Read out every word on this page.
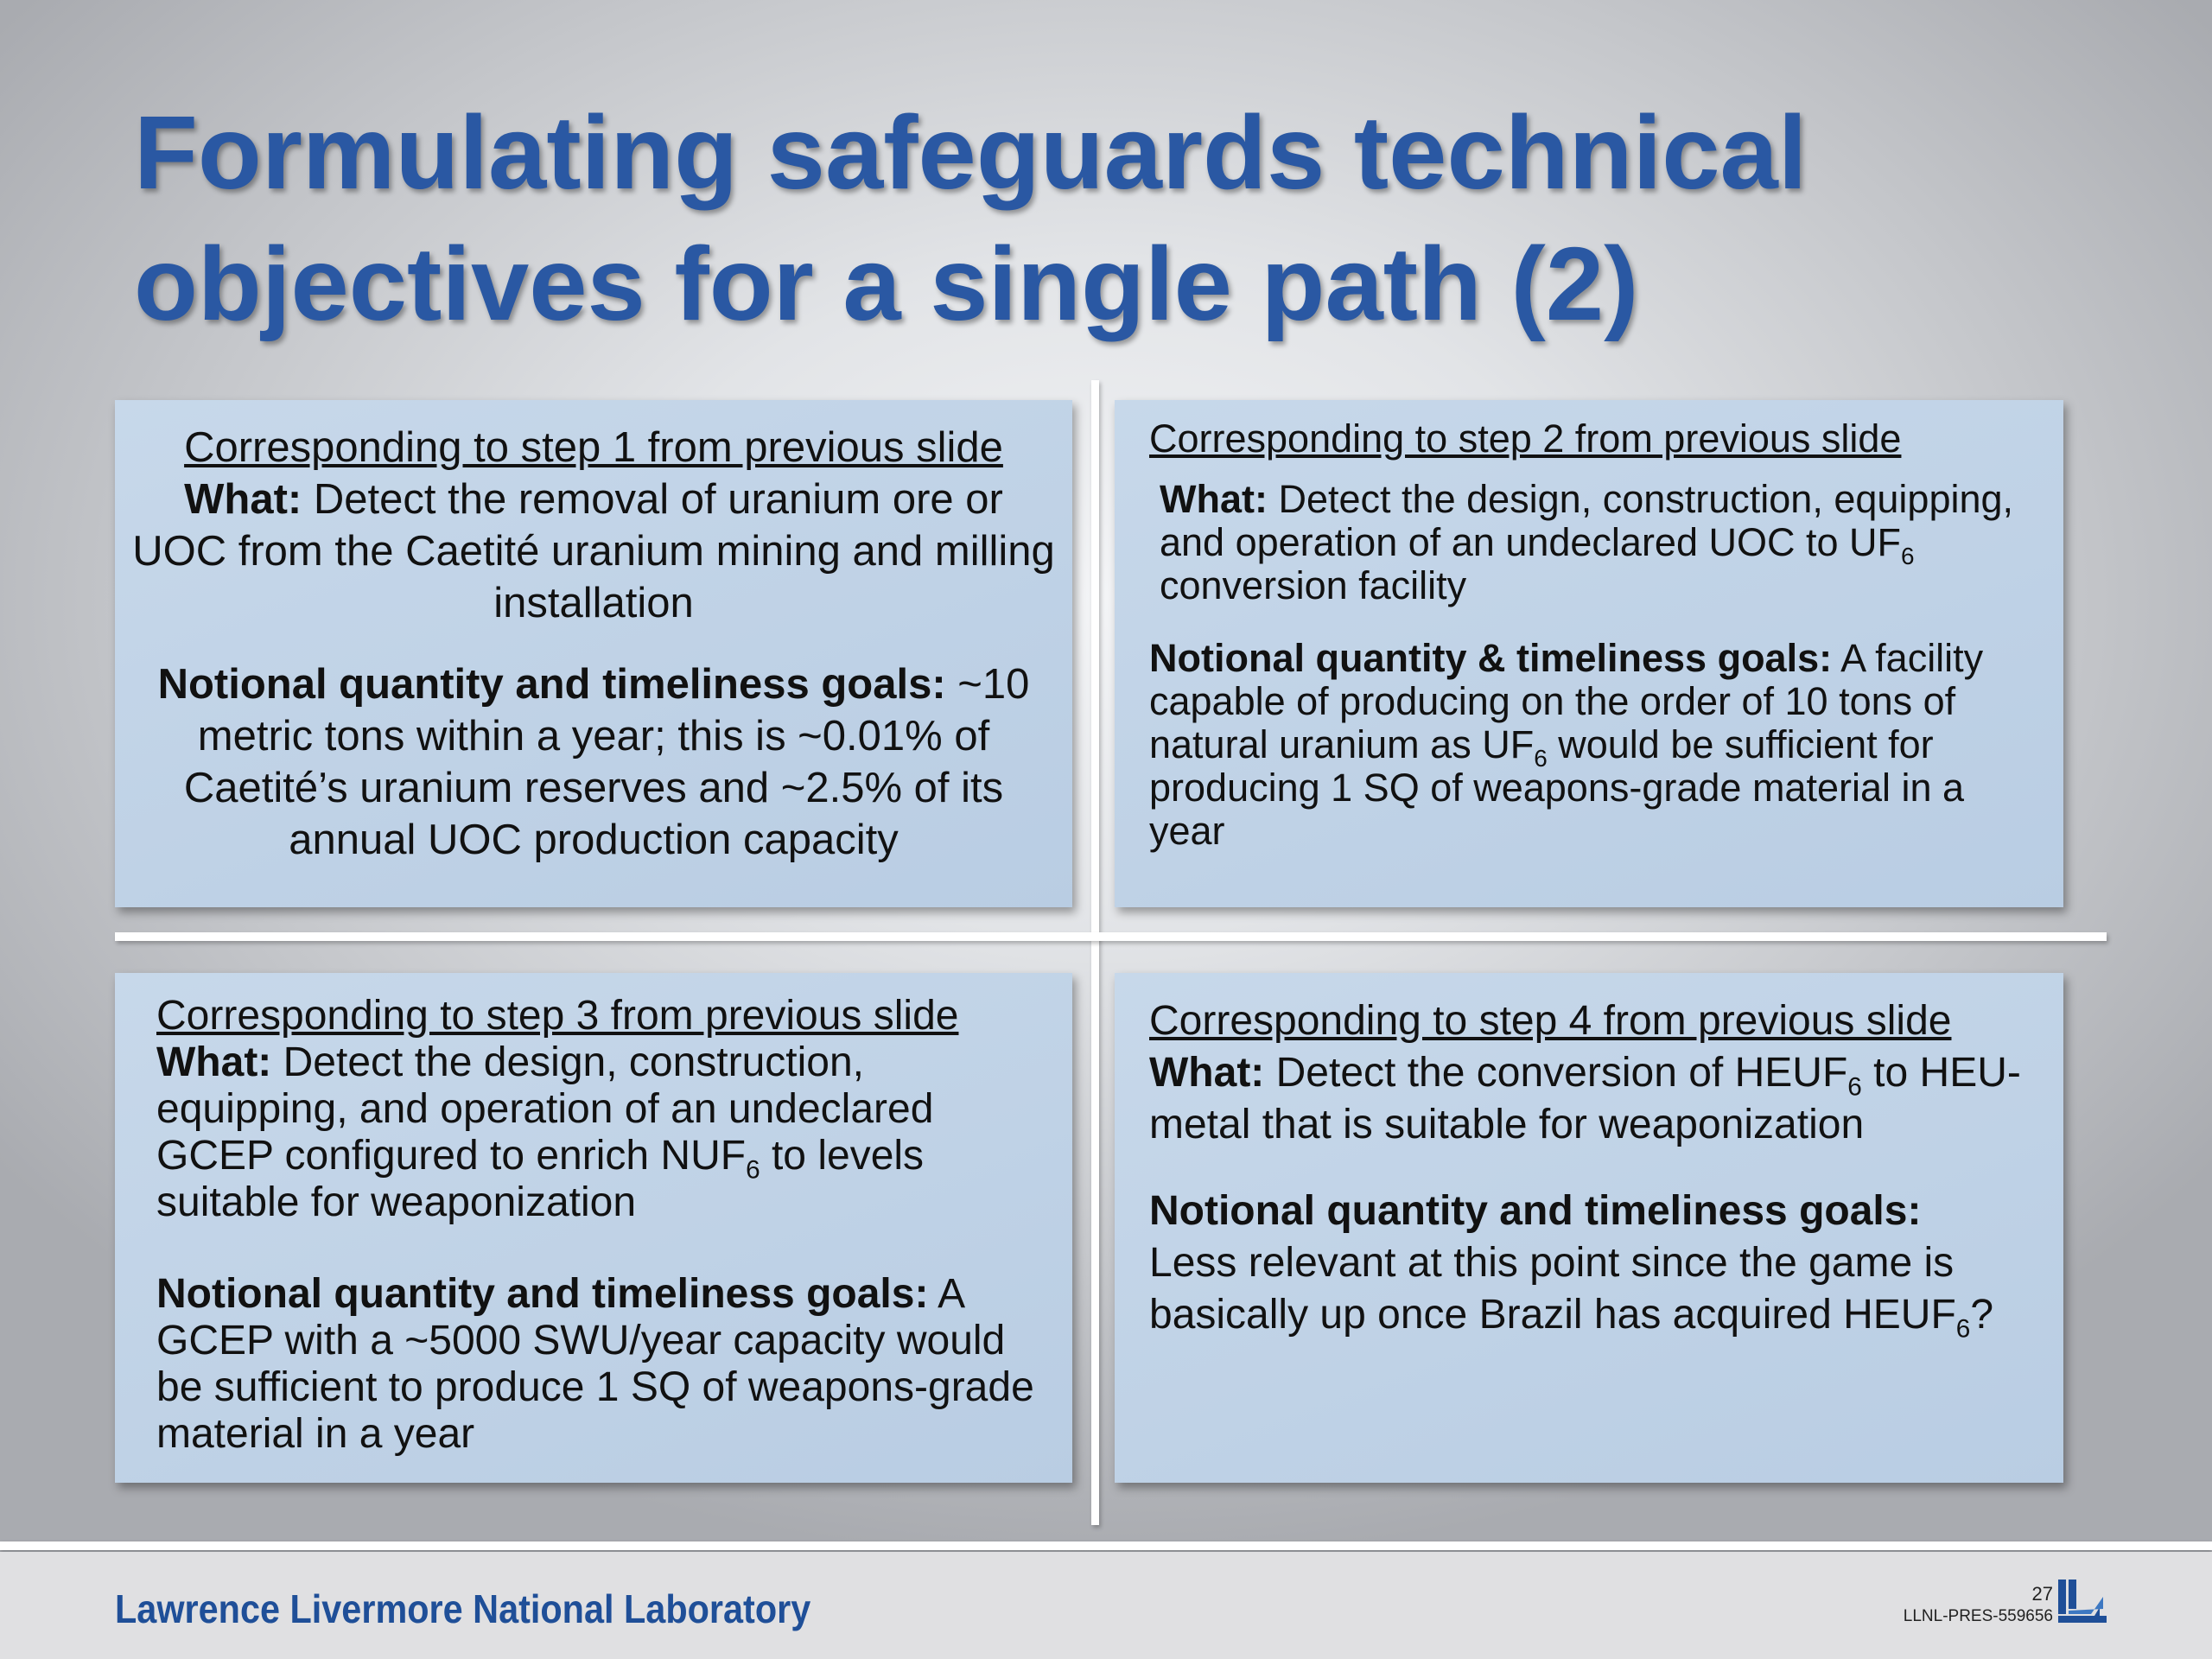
Formulating safeguards technical
objectives for a single path (2)
Corresponding to step 1 from previous slide
What: Detect the removal of uranium ore or UOC from the Caetité uranium mining and milling installation
Notional quantity and timeliness goals: ~10 metric tons within a year; this is ~0.01% of Caetité’s uranium reserves and ~2.5% of its annual UOC production capacity
Corresponding to step 2 from previous slide
What: Detect the design, construction, equipping, and operation of an undeclared UOC to $UF_6$ conversion facility
Notional quantity & timeliness goals: A facility capable of producing on the order of 10 tons of natural uranium as $UF_6$ would be sufficient for producing 1 SQ of weapons-grade material in a year
Corresponding to step 3 from previous slide
What: Detect the design, construction, equipping, and operation of an undeclared GCEP configured to enrich $NUF_6$ to levels suitable for weaponization
Notional quantity and timeliness goals: A GCEP with a ~5000 SWU/year capacity would be sufficient to produce 1 SQ of weapons-grade material in a year
Corresponding to step 4 from previous slide
What: Detect the conversion of $HEUF_6$ to HEU-metal that is suitable for weaponization
Notional quantity and timeliness goals:
Less relevant at this point since the game is basically up once Brazil has acquired $HEUF_6$?
Lawrence Livermore National Laboratory	27
LLNL-PRES-559656
